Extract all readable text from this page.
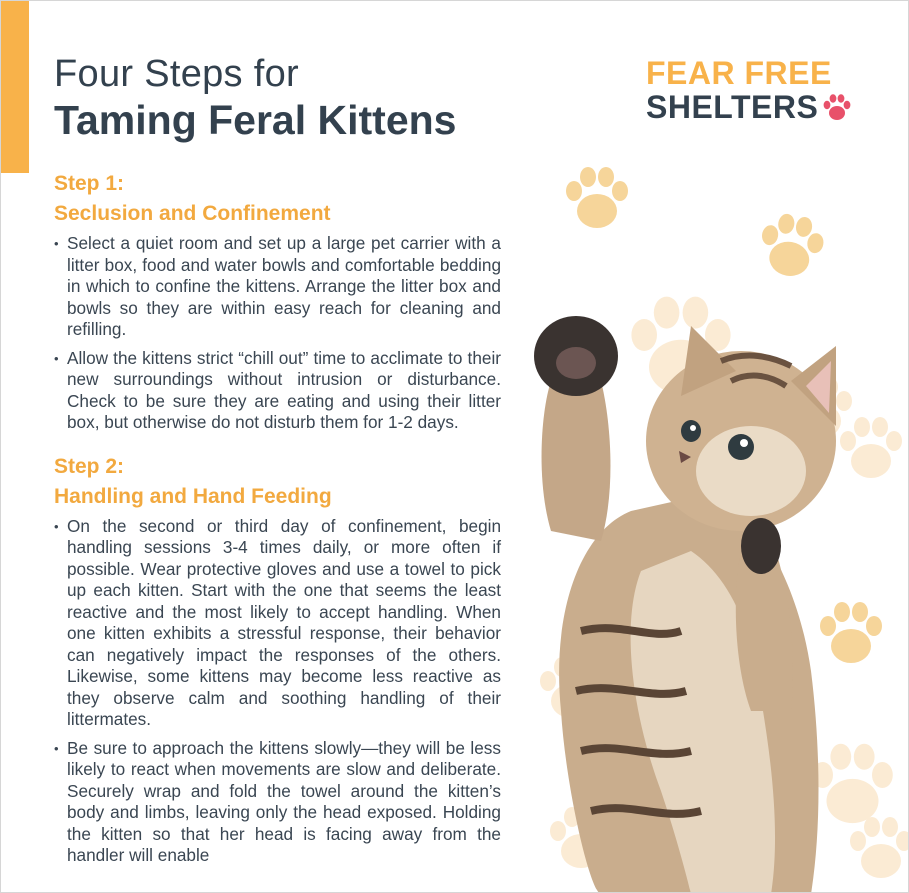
Four Steps for
Taming Feral Kittens
FEAR FREE
SHELTERS
Step 1:
Seclusion and Confinement
• Select a quiet room and set up a large pet carrier with a litter box, food and water bowls and comfortable bedding in which to confine the kittens. Arrange the litter box and bowls so they are within easy reach for cleaning and refilling.
• Allow the kittens strict “chill out” time to acclimate to their new surroundings without intrusion or disturbance. Check to be sure they are eating and using their litter box, but otherwise do not disturb them for 1-2 days.
Step 2:
Handling and Hand Feeding
• On the second or third day of confinement, begin handling sessions 3-4 times daily, or more often if possible. Wear protective gloves and use a towel to pick up each kitten. Start with the one that seems the least reactive and the most likely to accept handling. When one kitten exhibits a stressful response, their behavior can negatively impact the responses of the others. Likewise, some kittens may become less reactive as they observe calm and soothing handling of their littermates.
• Be sure to approach the kittens slowly—they will be less likely to react when movements are slow and deliberate. Securely wrap and fold the towel around the kitten’s body and limbs, leaving only the head exposed. Holding the kitten so that her head is facing away from the handler will enable
